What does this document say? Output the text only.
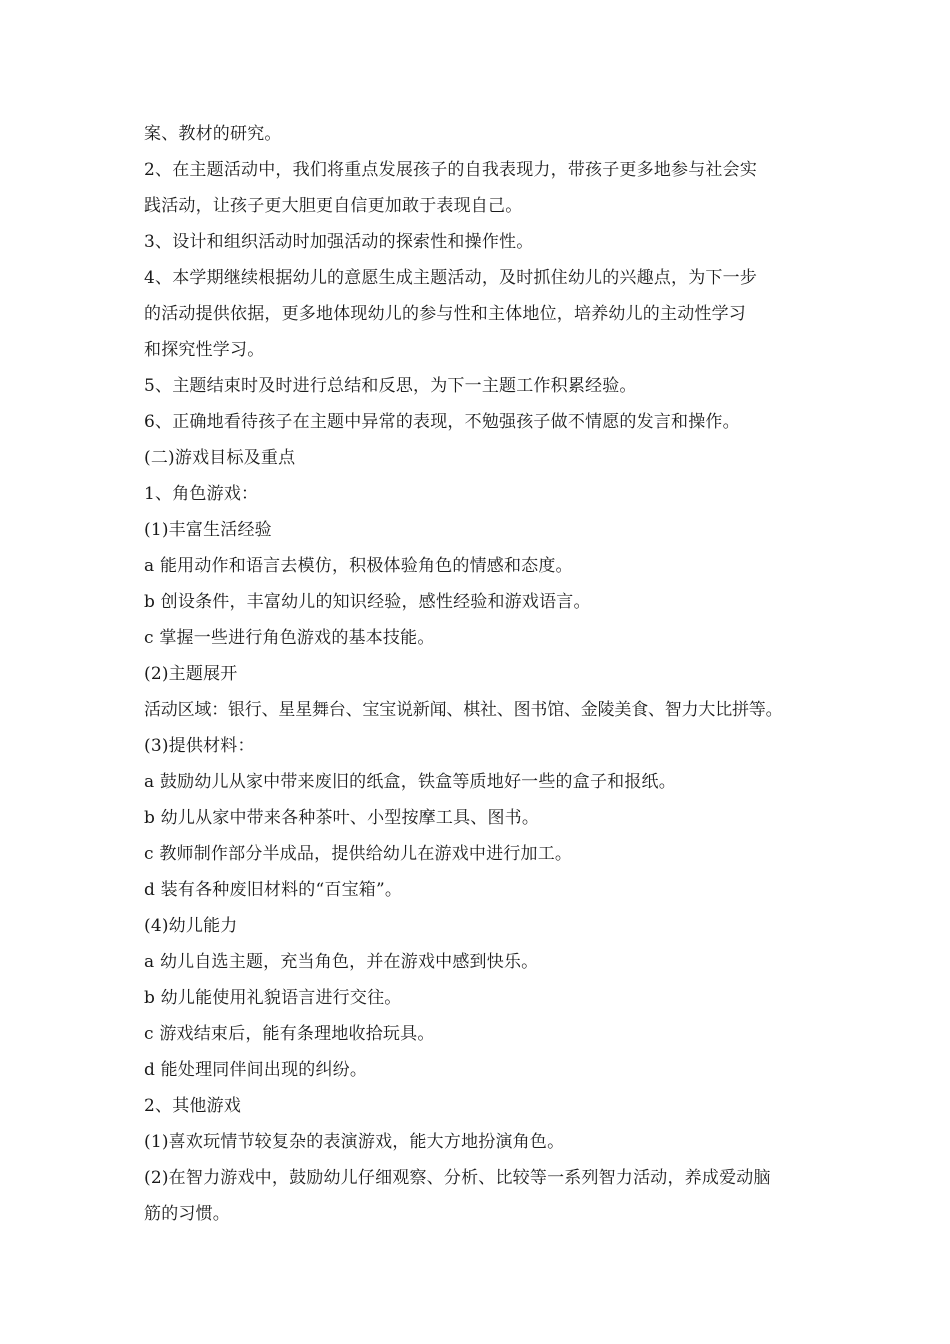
案、教材的研究。
2、在主题活动中，我们将重点发展孩子的自我表现力，带孩子更多地参与社会实
践活动，让孩子更大胆更自信更加敢于表现自己。
3、设计和组织活动时加强活动的探索性和操作性。
4、本学期继续根据幼儿的意愿生成主题活动，及时抓住幼儿的兴趣点，为下一步
的活动提供依据，更多地体现幼儿的参与性和主体地位，培养幼儿的主动性学习
和探究性学习。
5、主题结束时及时进行总结和反思，为下一主题工作积累经验。
6、正确地看待孩子在主题中异常的表现，不勉强孩子做不情愿的发言和操作。
(二)游戏目标及重点
1、角色游戏：
(1)丰富生活经验
a 能用动作和语言去模仿，积极体验角色的情感和态度。
b 创设条件，丰富幼儿的知识经验，感性经验和游戏语言。
c 掌握一些进行角色游戏的基本技能。
(2)主题展开
活动区域：银行、星星舞台、宝宝说新闻、棋社、图书馆、金陵美食、智力大比拼等。
(3)提供材料：
a 鼓励幼儿从家中带来废旧的纸盒，铁盒等质地好一些的盒子和报纸。
b 幼儿从家中带来各种茶叶、小型按摩工具、图书。
c 教师制作部分半成品，提供给幼儿在游戏中进行加工。
d 装有各种废旧材料的“百宝箱”。
(4)幼儿能力
a 幼儿自选主题，充当角色，并在游戏中感到快乐。
b 幼儿能使用礼貌语言进行交往。
c 游戏结束后，能有条理地收拾玩具。
d 能处理同伴间出现的纠纷。
2、其他游戏
(1)喜欢玩情节较复杂的表演游戏，能大方地扮演角色。
(2)在智力游戏中，鼓励幼儿仔细观察、分析、比较等一系列智力活动，养成爱动脑
筋的习惯。
